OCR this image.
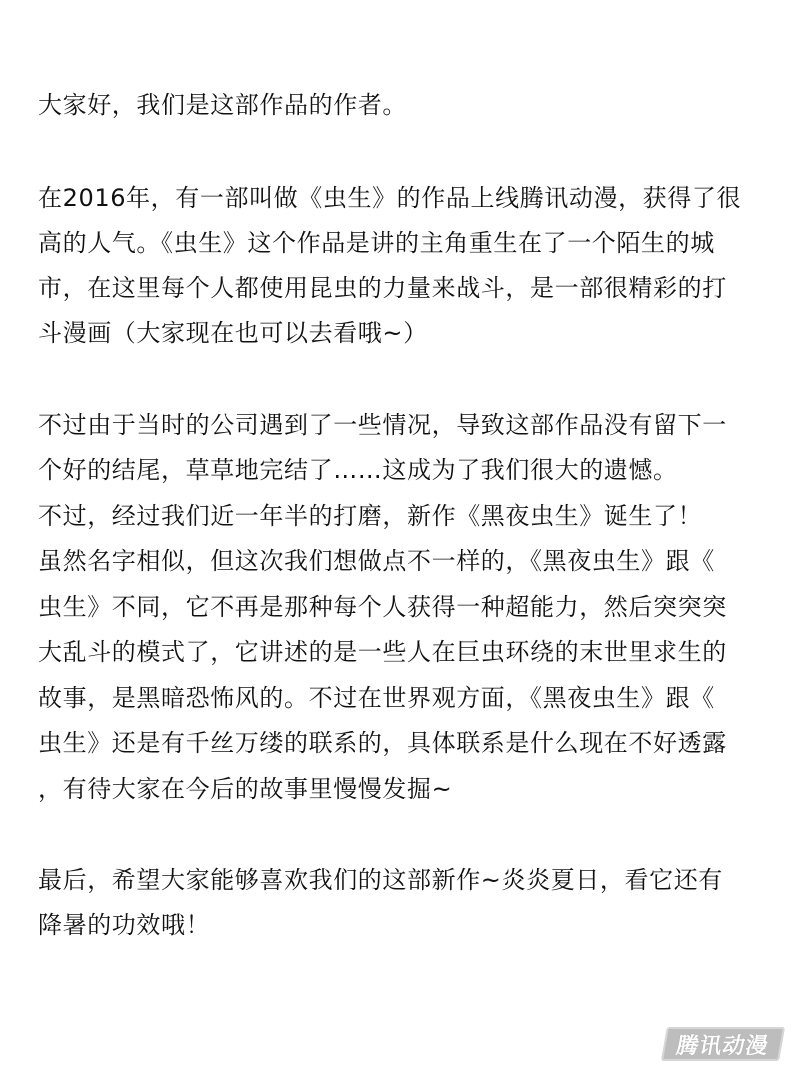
大家好，我们是这部作品的作者。
在2016年，有一部叫做《虫生》的作品上线腾讯动漫，获得了很
高的人气。《虫生》这个作品是讲的主角重生在了一个陌生的城
市，在这里每个人都使用昆虫的力量来战斗，是一部很精彩的打
斗漫画（大家现在也可以去看哦~）
不过由于当时的公司遇到了一些情况，导致这部作品没有留下一
个好的结尾，草草地完结了……这成为了我们很大的遗憾。
不过，经过我们近一年半的打磨，新作《黑夜虫生》诞生了！
虽然名字相似，但这次我们想做点不一样的，《黑夜虫生》跟《
虫生》不同，它不再是那种每个人获得一种超能力，然后突突突
大乱斗的模式了，它讲述的是一些人在巨虫环绕的末世里求生的
故事，是黑暗恐怖风的。不过在世界观方面，《黑夜虫生》跟《
虫生》还是有千丝万缕的联系的，具体联系是什么现在不好透露
，有待大家在今后的故事里慢慢发掘~
最后，希望大家能够喜欢我们的这部新作~炎炎夏日，看它还有
降暑的功效哦！
腾讯动漫
